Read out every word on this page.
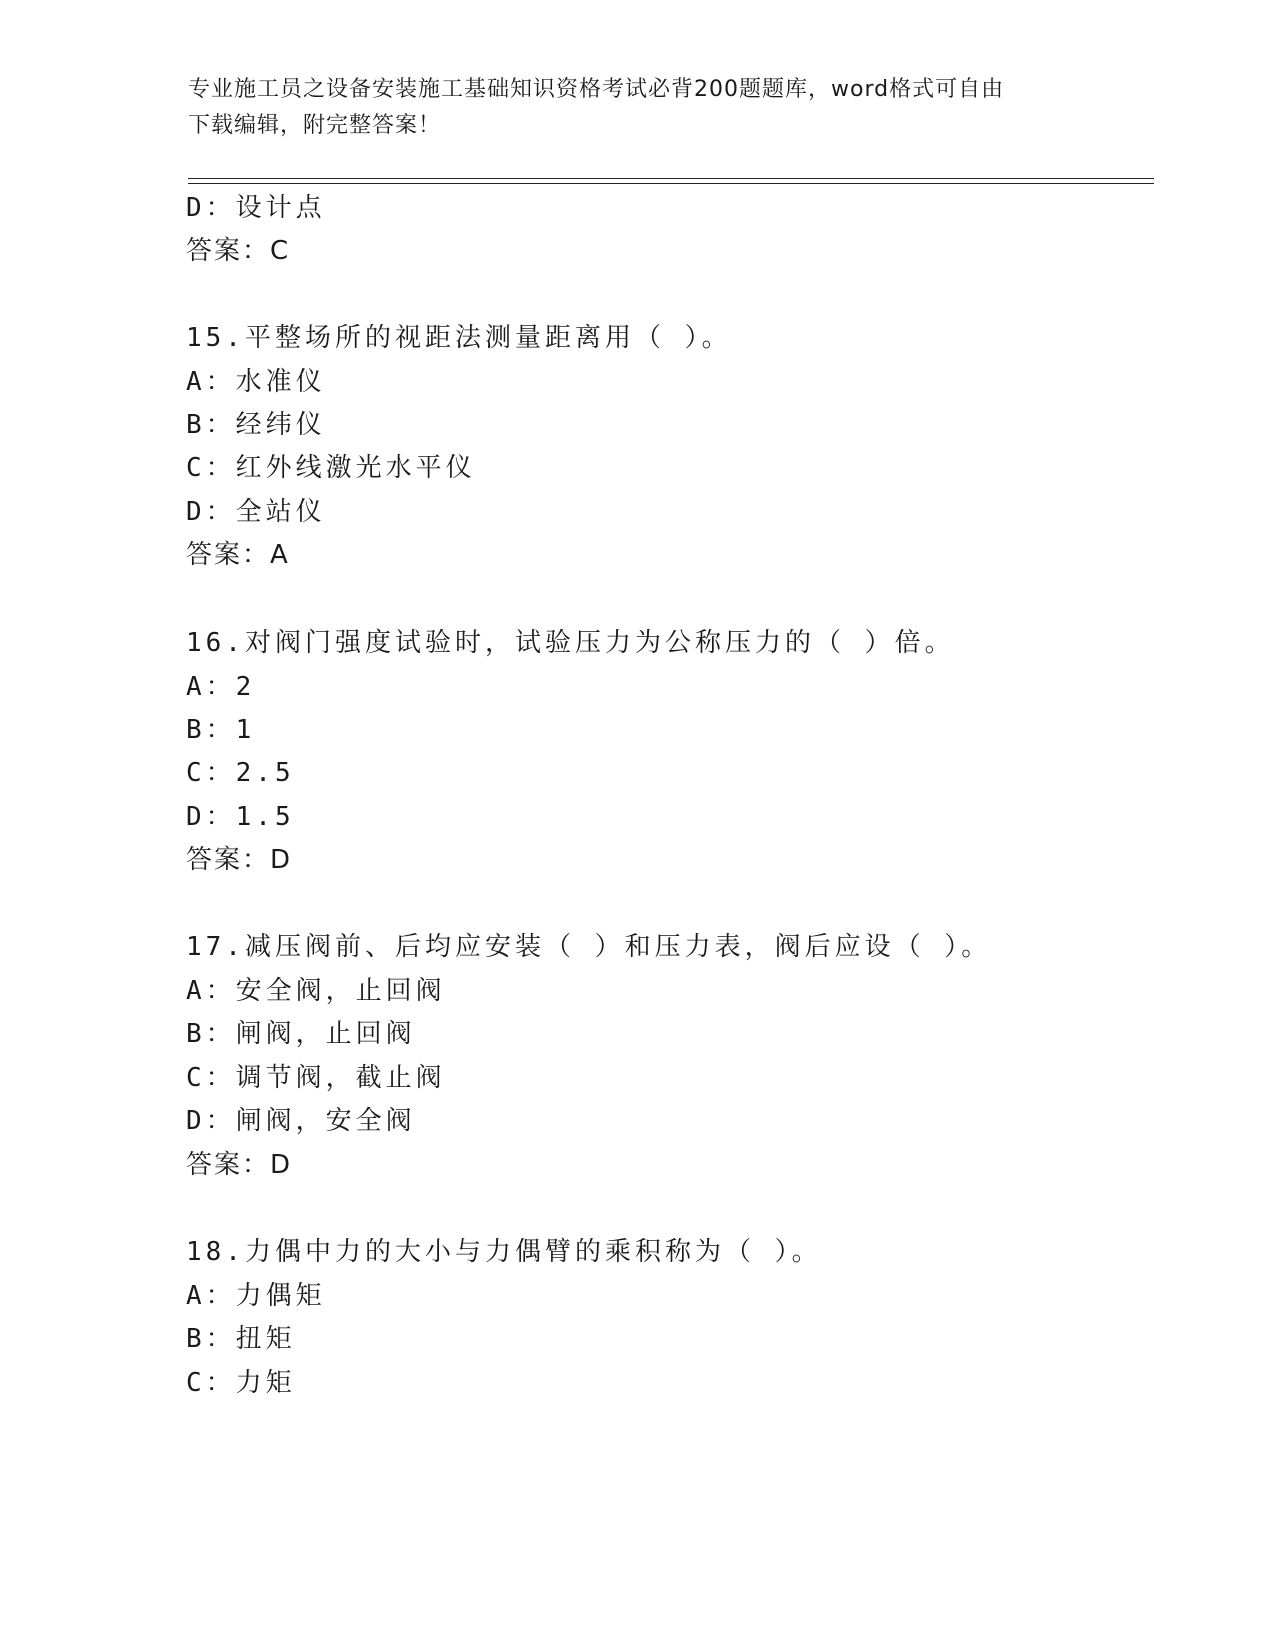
专业施工员之设备安装施工基础知识资格考试必背200题题库，word格式可自由
下载编辑，附完整答案！
D：设计点
答案：C
15.平整场所的视距法测量距离用（ ）。
A：水准仪
B：经纬仪
C：红外线激光水平仪
D：全站仪
答案：A
16.对阀门强度试验时，试验压力为公称压力的（ ）倍。
A：2
B：1
C：2.5
D：1.5
答案：D
17.减压阀前、后均应安装（ ）和压力表，阀后应设（ ）。
A：安全阀，止回阀
B：闸阀，止回阀
C：调节阀，截止阀
D：闸阀，安全阀
答案：D
18.力偶中力的大小与力偶臂的乘积称为（ ）。
A：力偶矩
B：扭矩
C：力矩
